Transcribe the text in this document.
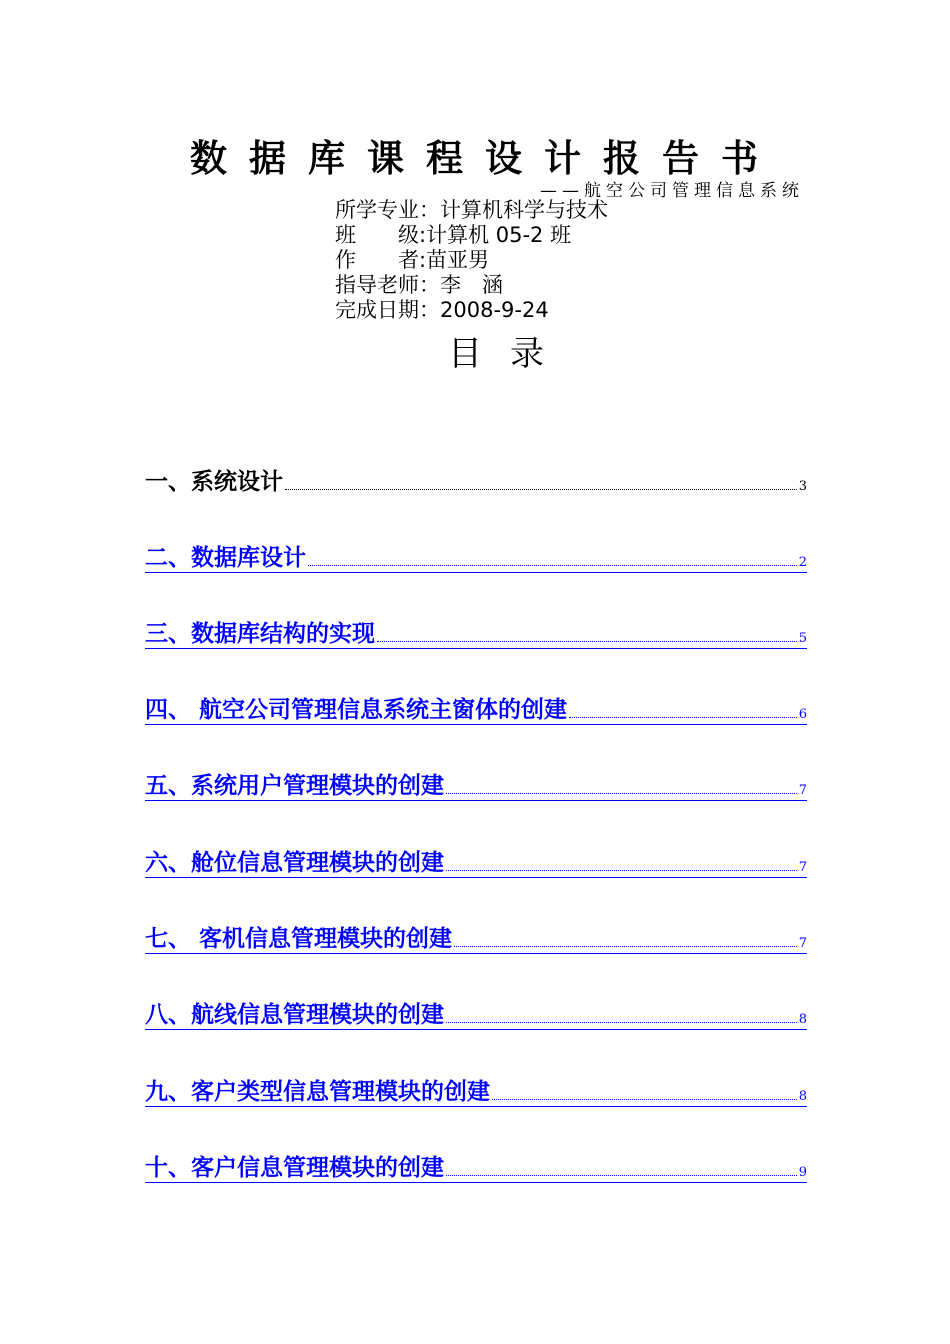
数据库课程设计报告书
——航空公司管理信息系统
所学专业： 计算机科学与技术
班　　级: 计算机 05-2 班
作　　者: 苗亚男
指导老师： 李　涵
完成日期： 2008-9-24
目录
一、系统设计	3
二、数据库设计	2
三、数据库结构的实现	5
四、 航空公司管理信息系统主窗体的创建	6
五、系统用户管理模块的创建	7
六、舱位信息管理模块的创建	7
七、 客机信息管理模块的创建	7
八、航线信息管理模块的创建	8
九、客户类型信息管理模块的创建	8
十、客户信息管理模块的创建	9
